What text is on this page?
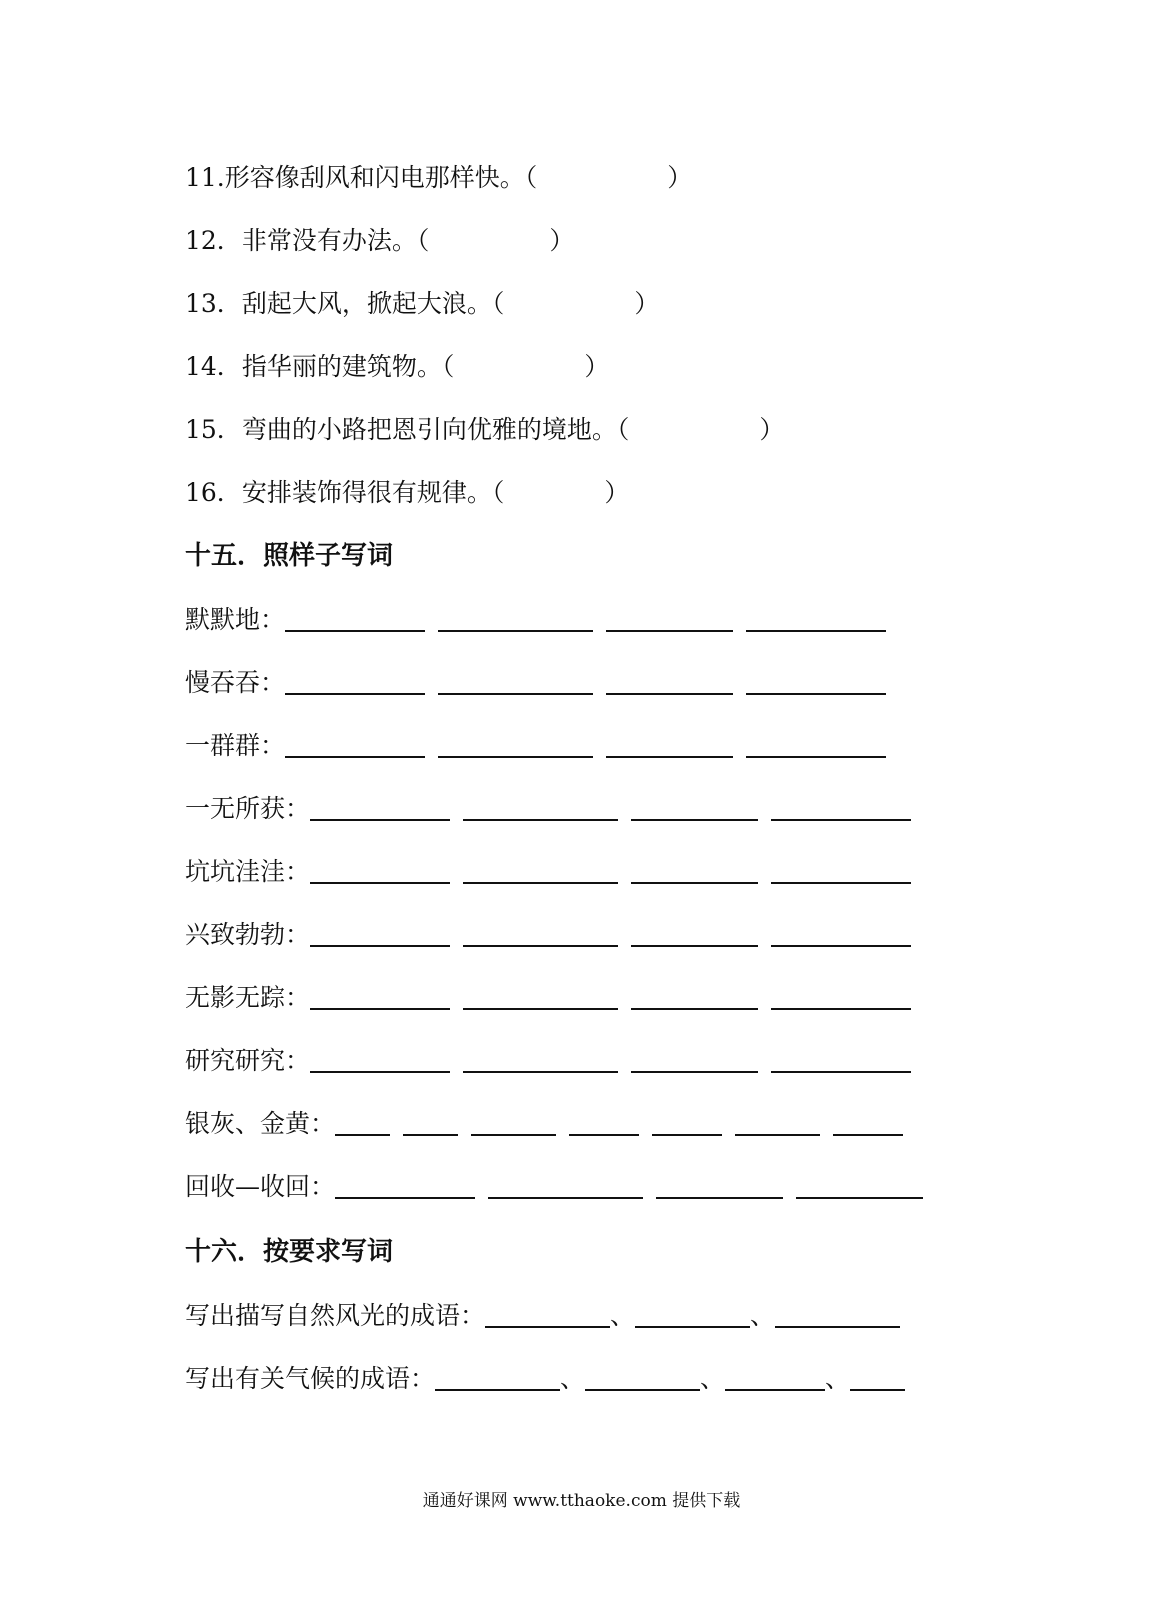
11.形容像刮风和闪电那样快。（	）
12．非常没有办法。（	）
13．刮起大风，掀起大浪。（	）
14．指华丽的建筑物。（	）
15．弯曲的小路把恩引向优雅的境地。（	）
16．安排装饰得很有规律。（	）
十五．照样子写词
默默地：
慢吞吞：
一群群：
一无所获：
坑坑洼洼：
兴致勃勃：
无影无踪：
研究研究：
银灰、金黄：
回收—收回：
十六．按要求写词
写出描写自然风光的成语：	、	、
写出有关气候的成语：	、	、	、
通通好课网 www.tthaoke.com 提供下载
